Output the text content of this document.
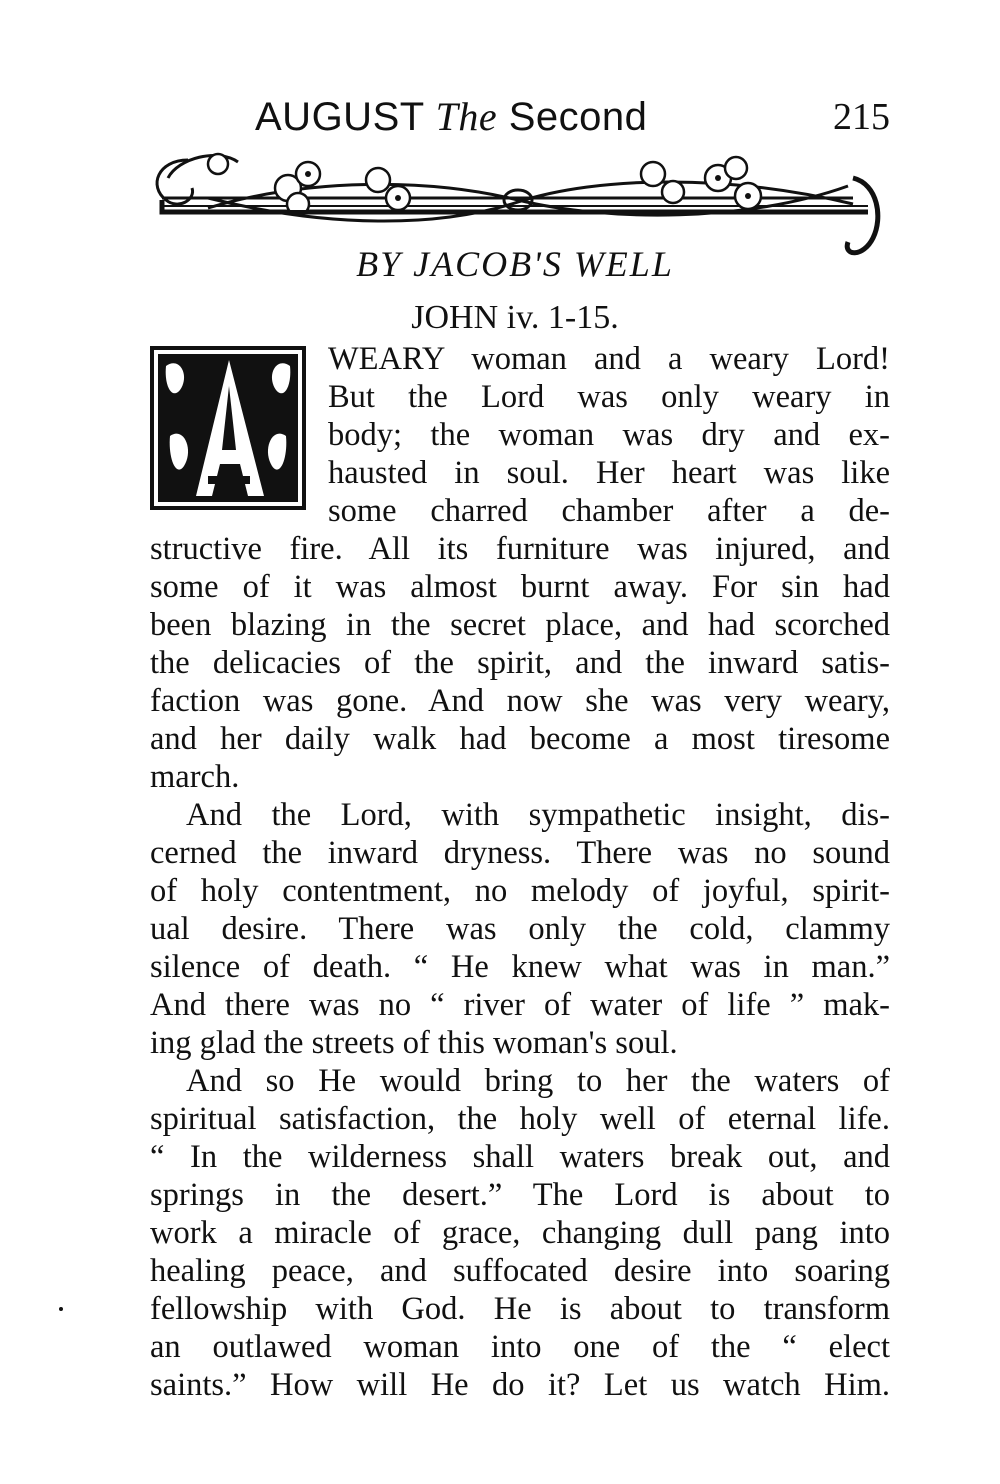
AUGUST The Second	215
BY JACOB'S WELL
JOHN iv. 1-15.
WEARY woman and a weary Lord!
But the Lord was only weary in
body; the woman was dry and ex-
hausted in soul. Her heart was like
some charred chamber after a de-
structive fire. All its furniture was injured, and
some of it was almost burnt away. For sin had
been blazing in the secret place, and had scorched
the delicacies of the spirit, and the inward satis-
faction was gone. And now she was very weary,
and her daily walk had become a most tiresome
march.
And the Lord, with sympathetic insight, dis-
cerned the inward dryness. There was no sound
of holy contentment, no melody of joyful, spirit-
ual desire. There was only the cold, clammy
silence of death. “ He knew what was in man.”
And there was no “ river of water of life ” mak-
ing glad the streets of this woman's soul.
And so He would bring to her the waters of
spiritual satisfaction, the holy well of eternal life.
“ In the wilderness shall waters break out, and
springs in the desert.” The Lord is about to
work a miracle of grace, changing dull pang into
healing peace, and suffocated desire into soaring
fellowship with God. He is about to transform
an outlawed woman into one of the “ elect
saints.” How will He do it? Let us watch Him.
